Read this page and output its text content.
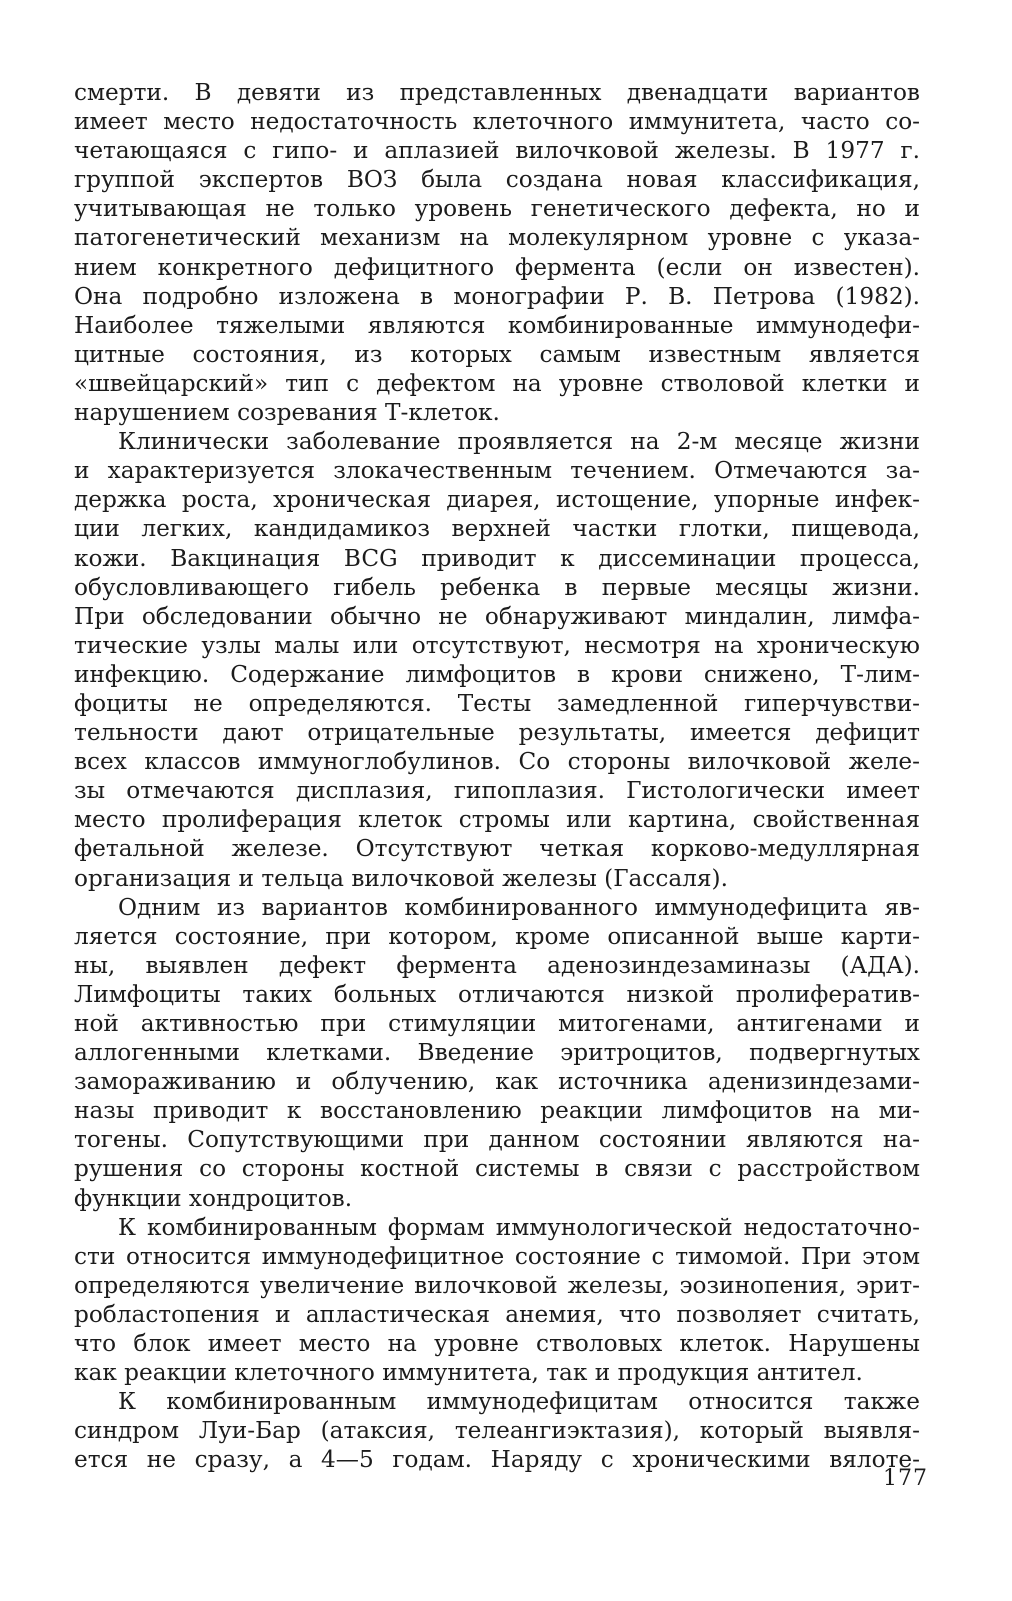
смерти. В девяти из представленных двенадцати вариантов
имеет место недостаточность клеточного иммунитета, часто со-
четающаяся с гипо- и аплазией вилочковой железы. В 1977 г.
группой экспертов ВОЗ была создана новая классификация,
учитывающая не только уровень генетического дефекта, но и
патогенетический механизм на молекулярном уровне с указа-
нием конкретного дефицитного фермента (если он известен).
Она подробно изложена в монографии Р. В. Петрова (1982).
Наиболее тяжелыми являются комбинированные иммунодефи-
цитные состояния, из которых самым известным является
«швейцарский» тип с дефектом на уровне стволовой клетки и
нарушением созревания Т-клеток.
Клинически заболевание проявляется на 2-м месяце жизни
и характеризуется злокачественным течением. Отмечаются за-
держка роста, хроническая диарея, истощение, упорные инфек-
ции легких, кандидамикоз верхней частки глотки, пищевода,
кожи. Вакцинация BCG приводит к диссеминации процесса,
обусловливающего гибель ребенка в первые месяцы жизни.
При обследовании обычно не обнаруживают миндалин, лимфа-
тические узлы малы или отсутствуют, несмотря на хроническую
инфекцию. Содержание лимфоцитов в крови снижено, Т-лим-
фоциты не определяются. Тесты замедленной гиперчувстви-
тельности дают отрицательные результаты, имеется дефицит
всех классов иммуноглобулинов. Со стороны вилочковой желе-
зы отмечаются дисплазия, гипоплазия. Гистологически имеет
место пролиферация клеток стромы или картина, свойственная
фетальной железе. Отсутствуют четкая корково-медуллярная
организация и тельца вилочковой железы (Гассаля).
Одним из вариантов комбинированного иммунодефицита яв-
ляется состояние, при котором, кроме описанной выше карти-
ны, выявлен дефект фермента аденозиндезаминазы (АДА).
Лимфоциты таких больных отличаются низкой пролифератив-
ной активностью при стимуляции митогенами, антигенами и
аллогенными клетками. Введение эритроцитов, подвергнутых
замораживанию и облучению, как источника аденизиндезами-
назы приводит к восстановлению реакции лимфоцитов на ми-
тогены. Сопутствующими при данном состоянии являются на-
рушения со стороны костной системы в связи с расстройством
функции хондроцитов.
К комбинированным формам иммунологической недостаточно-
сти относится иммунодефицитное состояние с тимомой. При этом
определяются увеличение вилочковой железы, эозинопения, эрит-
робластопения и апластическая анемия, что позволяет считать,
что блок имеет место на уровне стволовых клеток. Нарушены
как реакции клеточного иммунитета, так и продукция антител.
К комбинированным иммунодефицитам относится также
синдром Луи-Бар (атаксия, телеангиэктазия), который выявля-
ется не сразу, а 4—5 годам. Наряду с хроническими вялоте-
177
